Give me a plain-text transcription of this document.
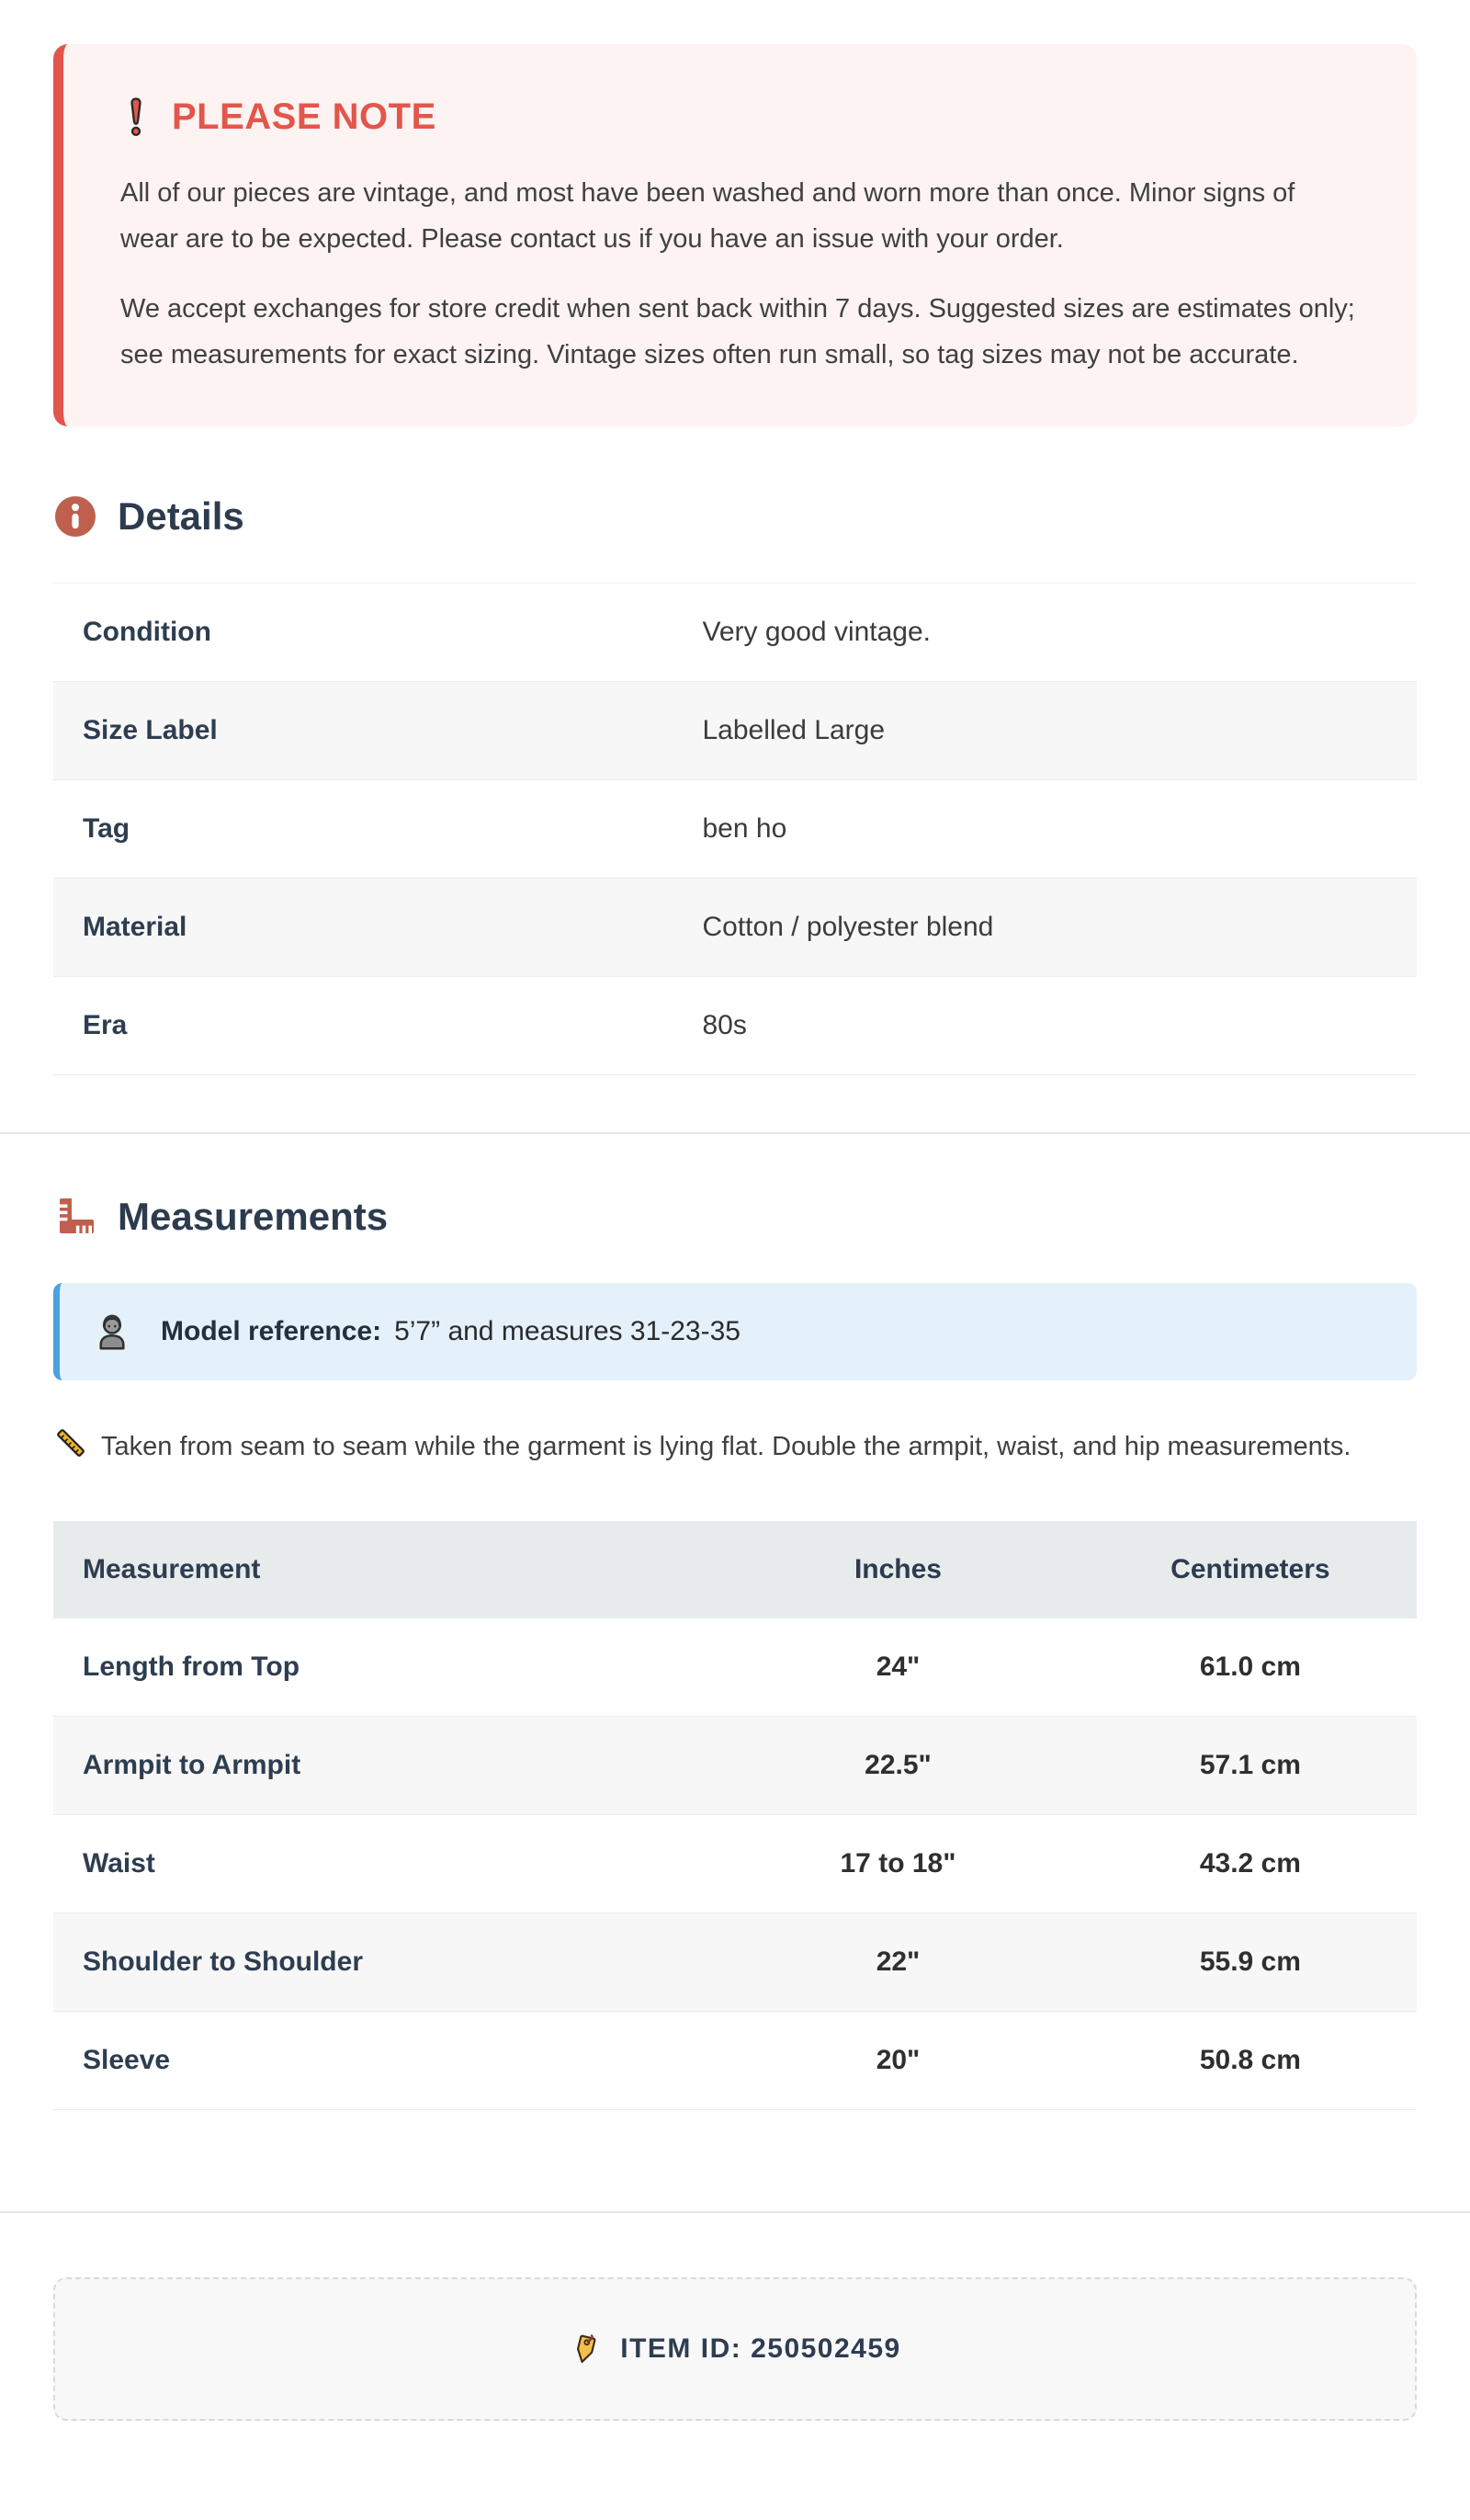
PLEASE NOTE

All of our pieces are vintage, and most have been washed and worn more than once. Minor signs of wear are to be expected. Please contact us if you have an issue with your order.

We accept exchanges for store credit when sent back within 7 days. Suggested sizes are estimates only; see measurements for exact sizing. Vintage sizes often run small, so tag sizes may not be accurate.

Details
Condition	Very good vintage.
Size Label	Labelled Large
Tag	ben ho
Material	Cotton / polyester blend
Era	80s
Measurements
Model reference: 5’7” and measures 31-23-35

Taken from seam to seam while the garment is lying flat. Double the armpit, waist, and hip measurements.

Measurement	Inches	Centimeters
Length from Top	24"	61.0 cm
Armpit to Armpit	22.5"	57.1 cm
Waist	17 to 18"	43.2 cm
Shoulder to Shoulder	22"	55.9 cm
Sleeve	20"	50.8 cm
ITEM ID: 250502459
